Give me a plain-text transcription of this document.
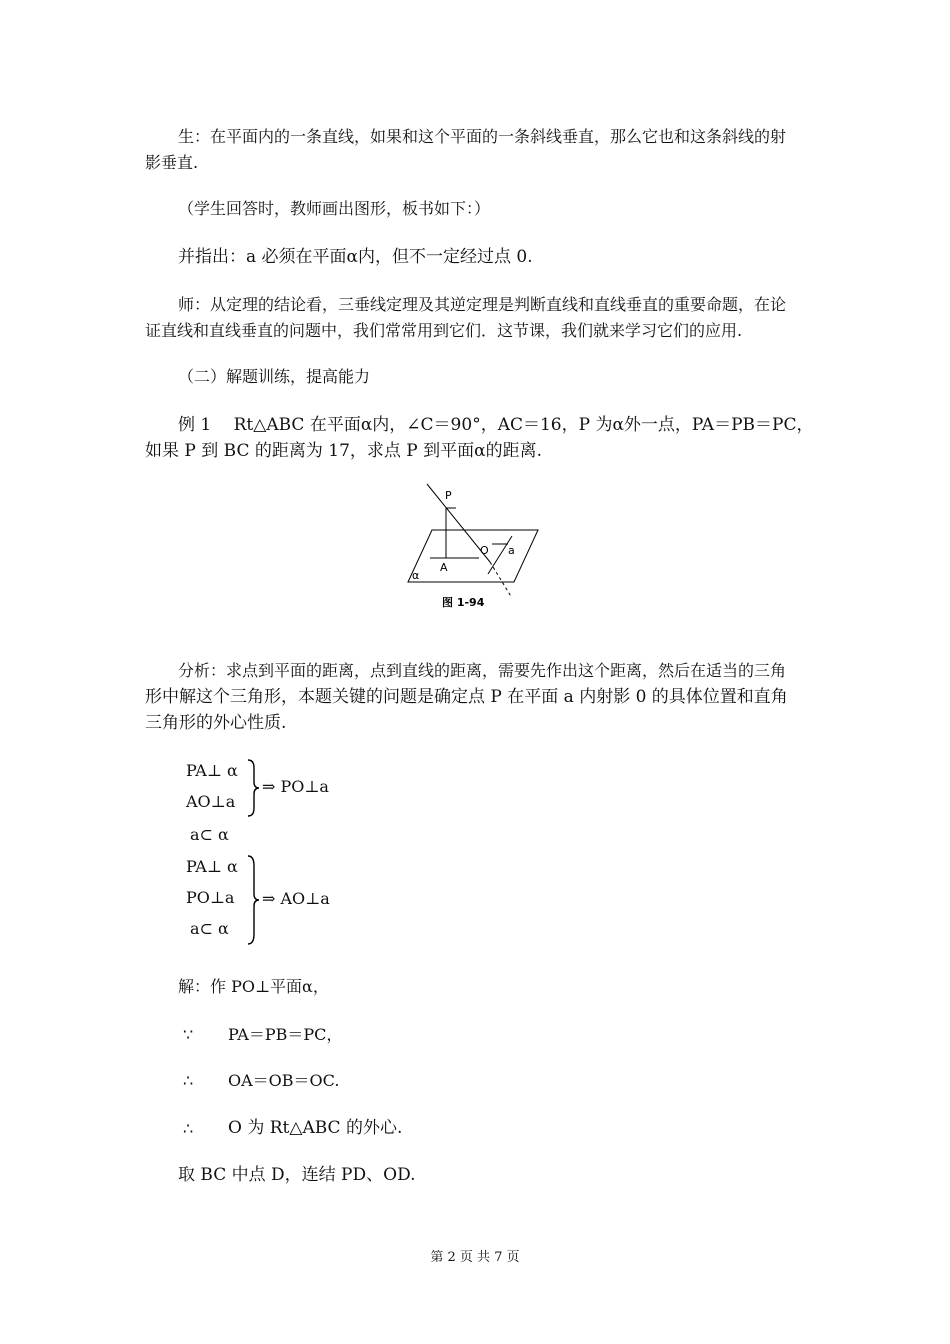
生：在平面内的一条直线，如果和这个平面的一条斜线垂直，那么它也和这条斜线的射
影垂直.
（学生回答时，教师画出图形，板书如下：）
并指出：a 必须在平面α内，但不一定经过点 0.
师：从定理的结论看，三垂线定理及其逆定理是判断直线和直线垂直的重要命题，在论
证直线和直线垂直的问题中，我们常常用到它们．这节课，我们就来学习它们的应用.
（二）解题训练，提高能力
例 1　 Rt△ABC 在平面α内，∠C＝90°，AC＝16，P 为α外一点，PA＝PB＝PC，
如果 P 到 BC 的距离为 17，求点 P 到平面α的距离.
P
O a
A
α
图 1-94
分析：求点到平面的距离，点到直线的距离，需要先作出这个距离，然后在适当的三角
形中解这个三角形，本题关键的问题是确定点 P 在平面 a 内射影 0 的具体位置和直角
三角形的外心性质.
PA⊥ α
AO⊥a
⇒ PO⊥a
a⊂ α
PA⊥ α
PO⊥a
a⊂ α
⇒ AO⊥a
解：作 PO⊥平面α，
∵ PA＝PB＝PC，
∴ OA＝OB＝OC.
∴ O 为 Rt△ABC 的外心.
取 BC 中点 D，连结 PD、OD.
第 2 页 共 7 页
